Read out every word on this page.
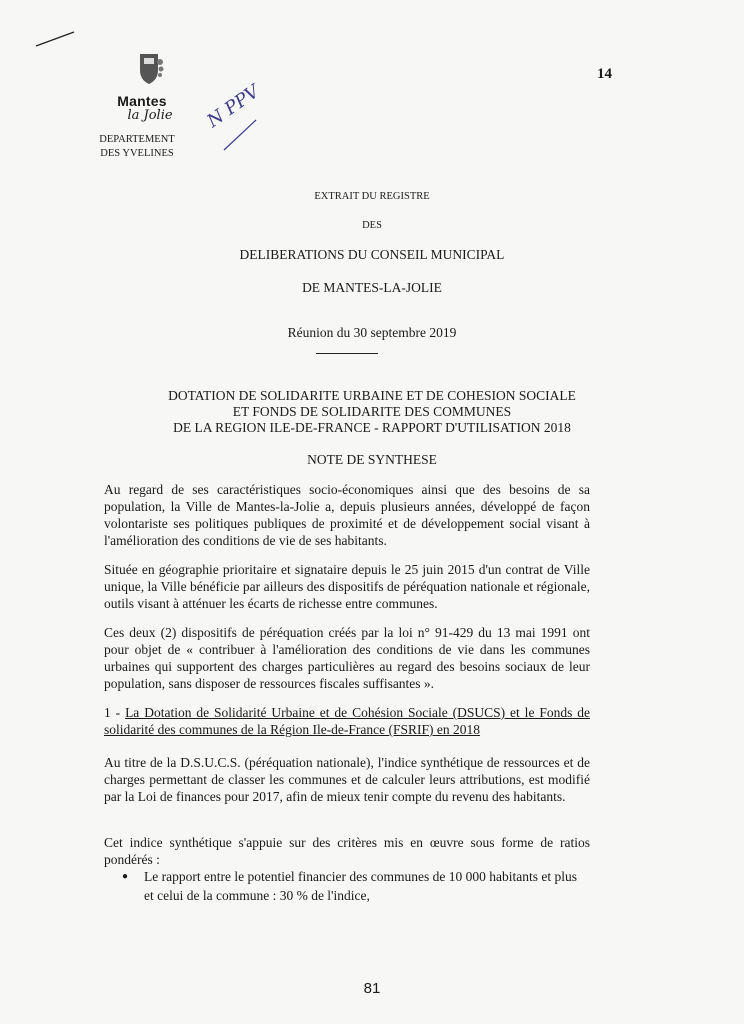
N PPV
Mantes
la Jolie
DEPARTEMENT
DES YVELINES
14
EXTRAIT DU REGISTRE
DES
DELIBERATIONS DU CONSEIL MUNICIPAL
DE MANTES-LA-JOLIE
Réunion du 30 septembre 2019
DOTATION DE SOLIDARITE URBAINE ET DE COHESION SOCIALE
ET FONDS DE SOLIDARITE DES COMMUNES
DE LA REGION ILE-DE-FRANCE - RAPPORT D'UTILISATION 2018
NOTE DE SYNTHESE

Au regard de ses caractéristiques socio-économiques ainsi que des besoins de sa population, la Ville de Mantes-la-Jolie a, depuis plusieurs années, développé de façon volontariste ses politiques publiques de proximité et de développement social visant à l'amélioration des conditions de vie de ses habitants.

Située en géographie prioritaire et signataire depuis le 25 juin 2015 d'un contrat de Ville unique, la Ville bénéficie par ailleurs des dispositifs de péréquation nationale et régionale, outils visant à atténuer les écarts de richesse entre communes.

Ces deux (2) dispositifs de péréquation créés par la loi n° 91-429 du 13 mai 1991 ont pour objet de « contribuer à l'amélioration des conditions de vie dans les communes urbaines qui supportent des charges particulières au regard des besoins sociaux de leur population, sans disposer de ressources fiscales suffisantes ».

1 - La Dotation de Solidarité Urbaine et de Cohésion Sociale (DSUCS) et le Fonds de solidarité des communes de la Région Ile-de-France (FSRIF) en 2018

Au titre de la D.S.U.C.S. (péréquation nationale), l'indice synthétique de ressources et de charges permettant de classer les communes et de calculer leurs attributions, est modifié par la Loi de finances pour 2017, afin de mieux tenir compte du revenu des habitants.

Cet indice synthétique s'appuie sur des critères mis en œuvre sous forme de ratios pondérés :

●	Le rapport entre le potentiel financier des communes de 10 000 habitants et plus et celui de la commune : 30 % de l'indice,
81
